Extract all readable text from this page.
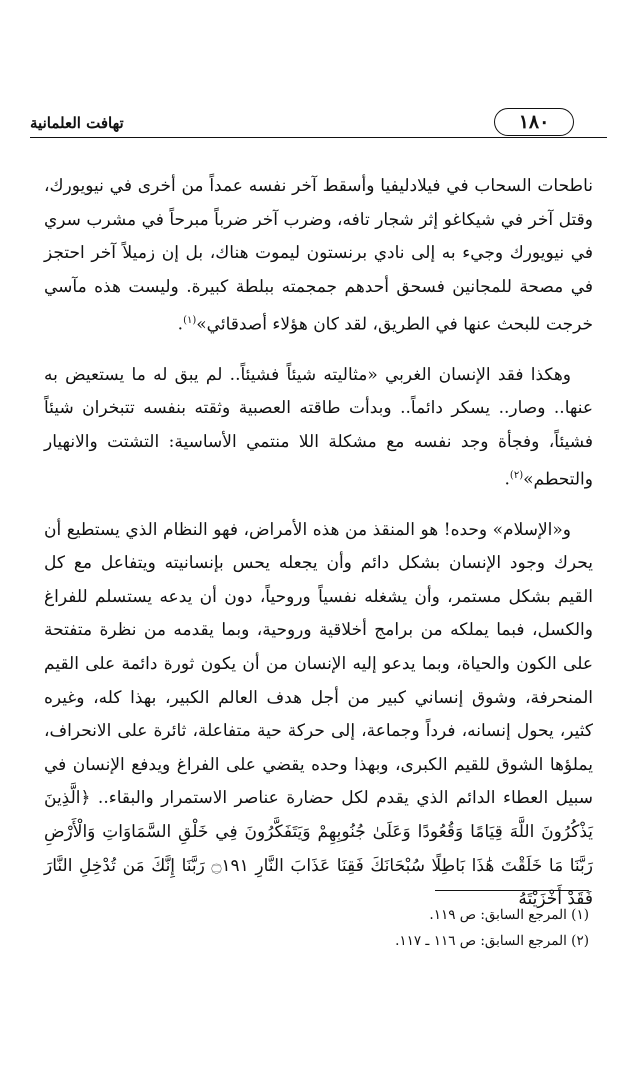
١٨٠
تهافت العلمانية

ناطحات السحاب في فيلادليفيا وأسقط آخر نفسه عمداً من أخرى في نيويورك، وقتل آخر في شيكاغو إثر شجار تافه، وضرب آخر ضرباً مبرحاً في مشرب سري في نيويورك وجيء به إلى نادي برنستون ليموت هناك، بل إن زميلاً آخر احتجز في مصحة للمجانين فسحق أحدهم جمجمته ببلطة كبيرة. وليست هذه مآسي خرجت للبحث عنها في الطريق، لقد كان هؤلاء أصدقائي»$^{(١)}$.

وهكذا فقد الإنسان الغربي «مثاليته شيئاً فشيئاً.. لم يبق له ما يستعيض به عنها.. وصار.. يسكر دائماً.. وبدأت طاقته العصبية وثقته بنفسه تتبخران شيئاً فشيئاً، وفجأة وجد نفسه مع مشكلة اللا منتمي الأساسية: التشتت والانهيار والتحطم»$^{(٢)}$.

و«الإسلام» وحده! هو المنقذ من هذه الأمراض، فهو النظام الذي يستطيع أن يحرك وجود الإنسان بشكل دائم وأن يجعله يحس بإنسانيته ويتفاعل مع كل القيم بشكل مستمر، وأن يشغله نفسياً وروحياً، دون أن يدعه يستسلم للفراغ والكسل، فبما يملكه من برامج أخلاقية وروحية، وبما يقدمه من نظرة متفتحة على الكون والحياة، وبما يدعو إليه الإنسان من أن يكون ثورة دائمة على القيم المنحرفة، وشوق إنساني كبير من أجل هدف العالم الكبير، بهذا كله، وغيره كثير، يحول إنسانه، فرداً وجماعة، إلى حركة حية متفاعلة، ثائرة على الانحراف، يملؤها الشوق للقيم الكبرى، وبهذا وحده يقضي على الفراغ ويدفع الإنسان في سبيل العطاء الدائم الذي يقدم لكل حضارة عناصر الاستمرار والبقاء.. ﴿الَّذِينَ يَذْكُرُونَ اللَّهَ قِيَامًا وَقُعُودًا وَعَلَىٰ جُنُوبِهِمْ وَيَتَفَكَّرُونَ فِي خَلْقِ السَّمَاوَاتِ وَالْأَرْضِ رَبَّنَا مَا خَلَقْتَ هَٰذَا بَاطِلًا سُبْحَانَكَ فَقِنَا عَذَابَ النَّارِ ۝١٩١ رَبَّنَا إِنَّكَ مَن تُدْخِلِ النَّارَ فَقَدْ أَخْزَيْتَهُ

(١) المرجع السابق: ص ١١٩.
(٢) المرجع السابق: ص ١١٦ ـ ١١٧.
